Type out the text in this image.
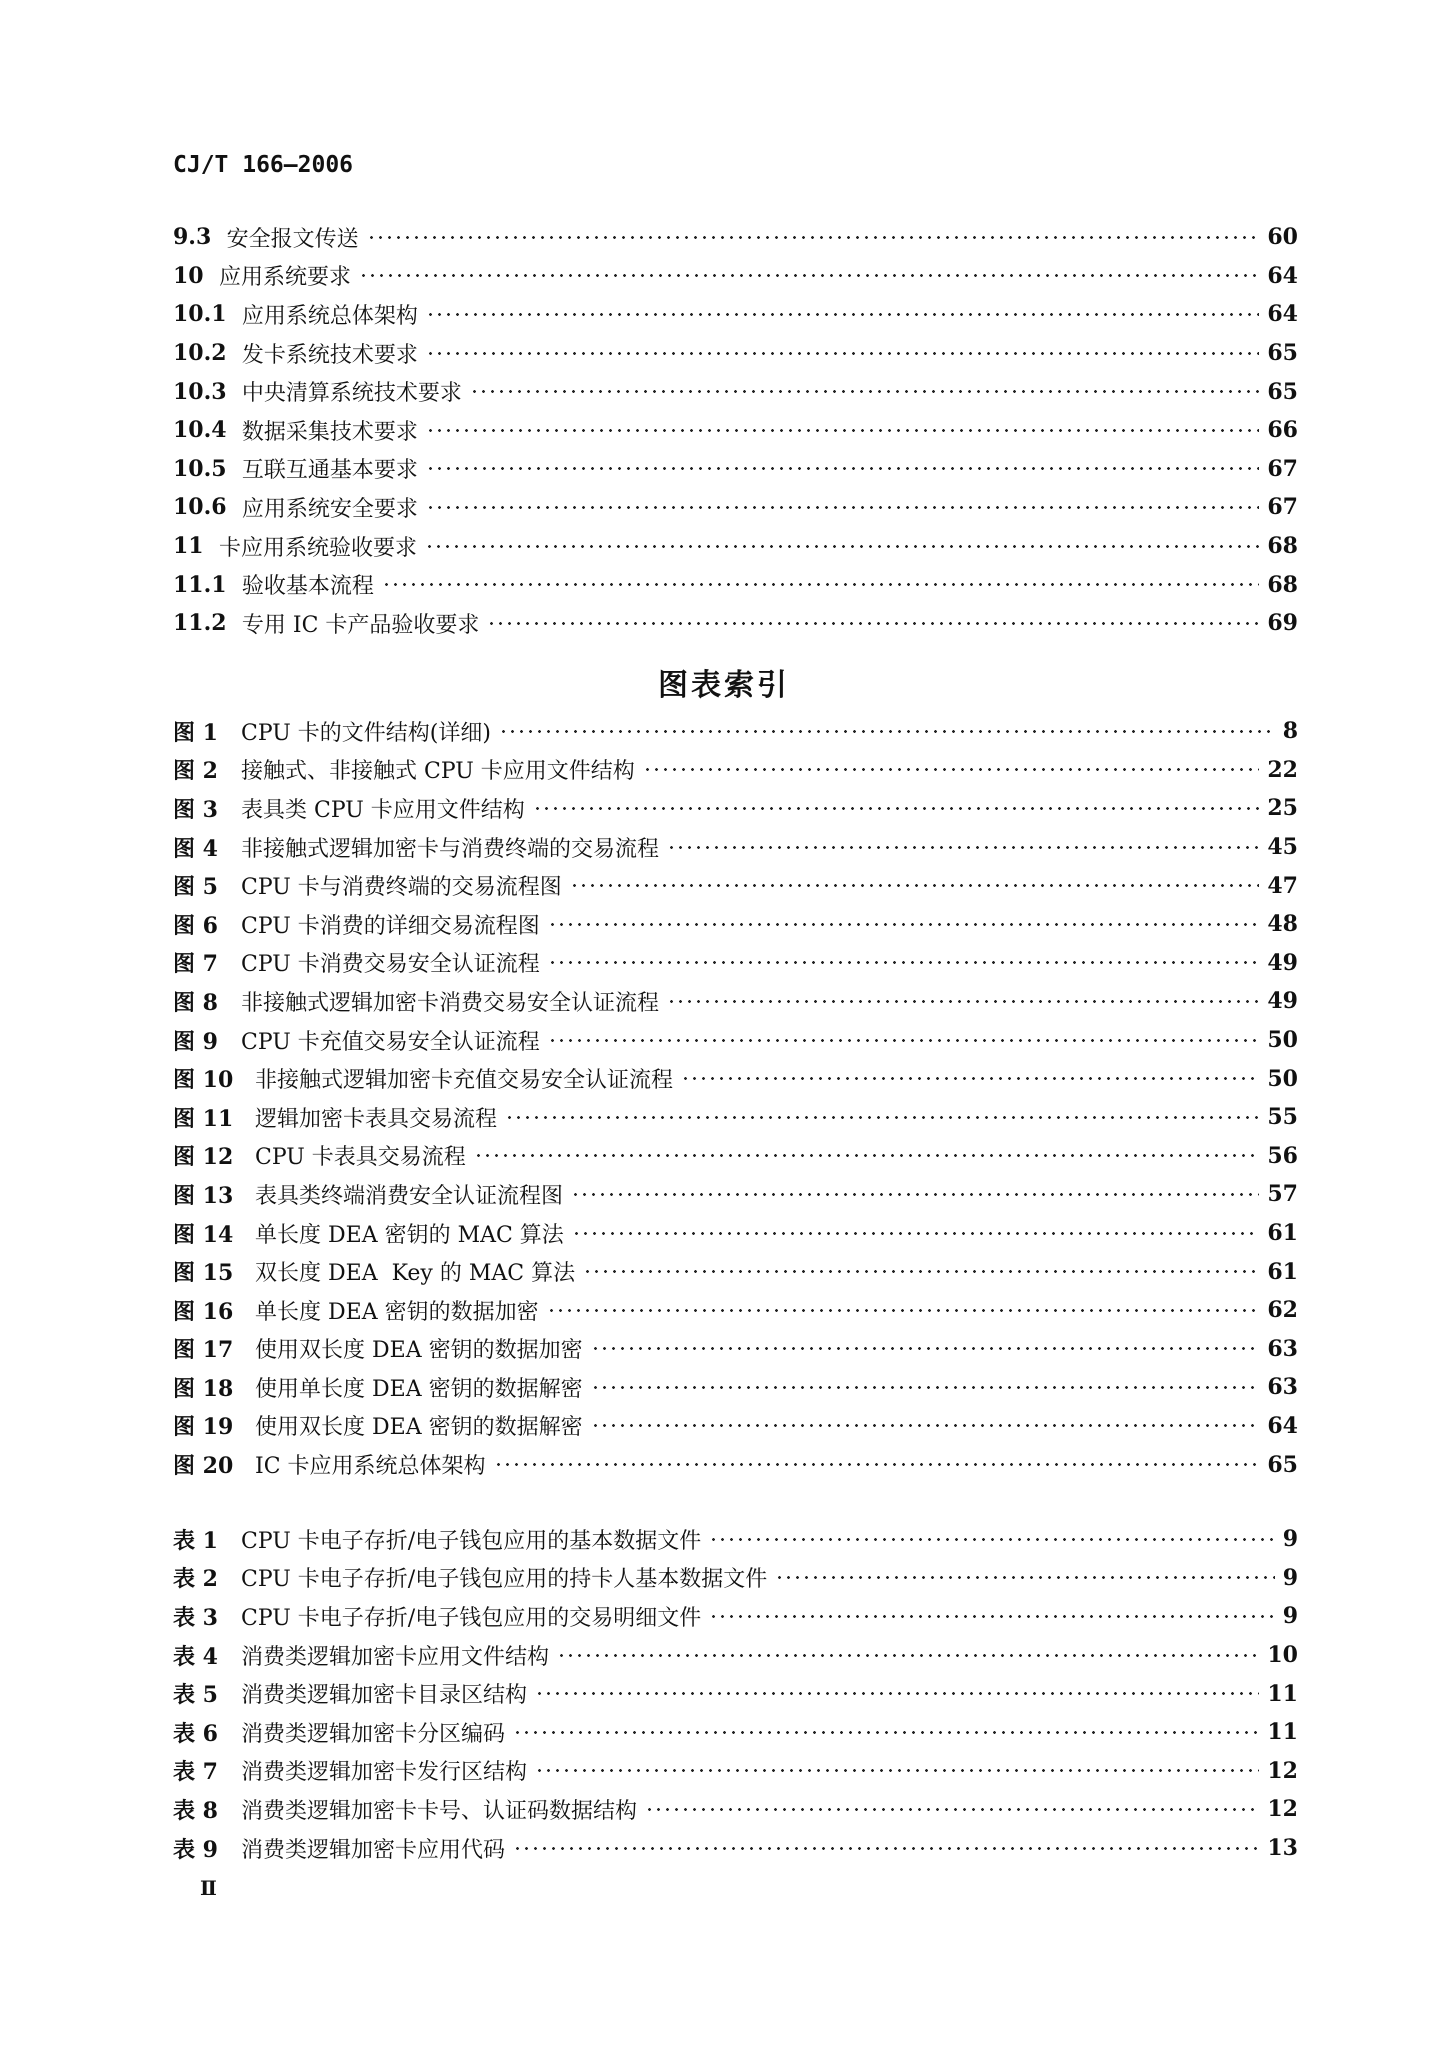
CJ/T 166—2006
9.3 安全报文传送	60
10 应用系统要求	64
10.1 应用系统总体架构	64
10.2 发卡系统技术要求	65
10.3 中央清算系统技术要求	65
10.4 数据采集技术要求	66
10.5 互联互通基本要求	67
10.6 应用系统安全要求	67
11 卡应用系统验收要求	68
11.1 验收基本流程	68
11.2 专用 IC 卡产品验收要求	69
图表索引
图 1	CPU 卡的文件结构(详细)	8
图 2	接触式、非接触式 CPU 卡应用文件结构	22
图 3	表具类 CPU 卡应用文件结构	25
图 4	非接触式逻辑加密卡与消费终端的交易流程	45
图 5	CPU 卡与消费终端的交易流程图	47
图 6	CPU 卡消费的详细交易流程图	48
图 7	CPU 卡消费交易安全认证流程	49
图 8	非接触式逻辑加密卡消费交易安全认证流程	49
图 9	CPU 卡充值交易安全认证流程	50
图 10 非接触式逻辑加密卡充值交易安全认证流程	50
图 11 逻辑加密卡表具交易流程	55
图 12 CPU 卡表具交易流程	56
图 13 表具类终端消费安全认证流程图	57
图 14 单长度 DEA 密钥的 MAC 算法	61
图 15 双长度 DEA  Key 的 MAC 算法	61
图 16 单长度 DEA 密钥的数据加密	62
图 17 使用双长度 DEA 密钥的数据加密	63
图 18 使用单长度 DEA 密钥的数据解密	63
图 19 使用双长度 DEA 密钥的数据解密	64
图 20 IC 卡应用系统总体架构	65
表 1	CPU 卡电子存折/电子钱包应用的基本数据文件	9
表 2	CPU 卡电子存折/电子钱包应用的持卡人基本数据文件	9
表 3	CPU 卡电子存折/电子钱包应用的交易明细文件	9
表 4	消费类逻辑加密卡应用文件结构	10
表 5	消费类逻辑加密卡目录区结构	11
表 6	消费类逻辑加密卡分区编码	11
表 7	消费类逻辑加密卡发行区结构	12
表 8	消费类逻辑加密卡卡号、认证码数据结构	12
表 9	消费类逻辑加密卡应用代码	13
Ⅱ
